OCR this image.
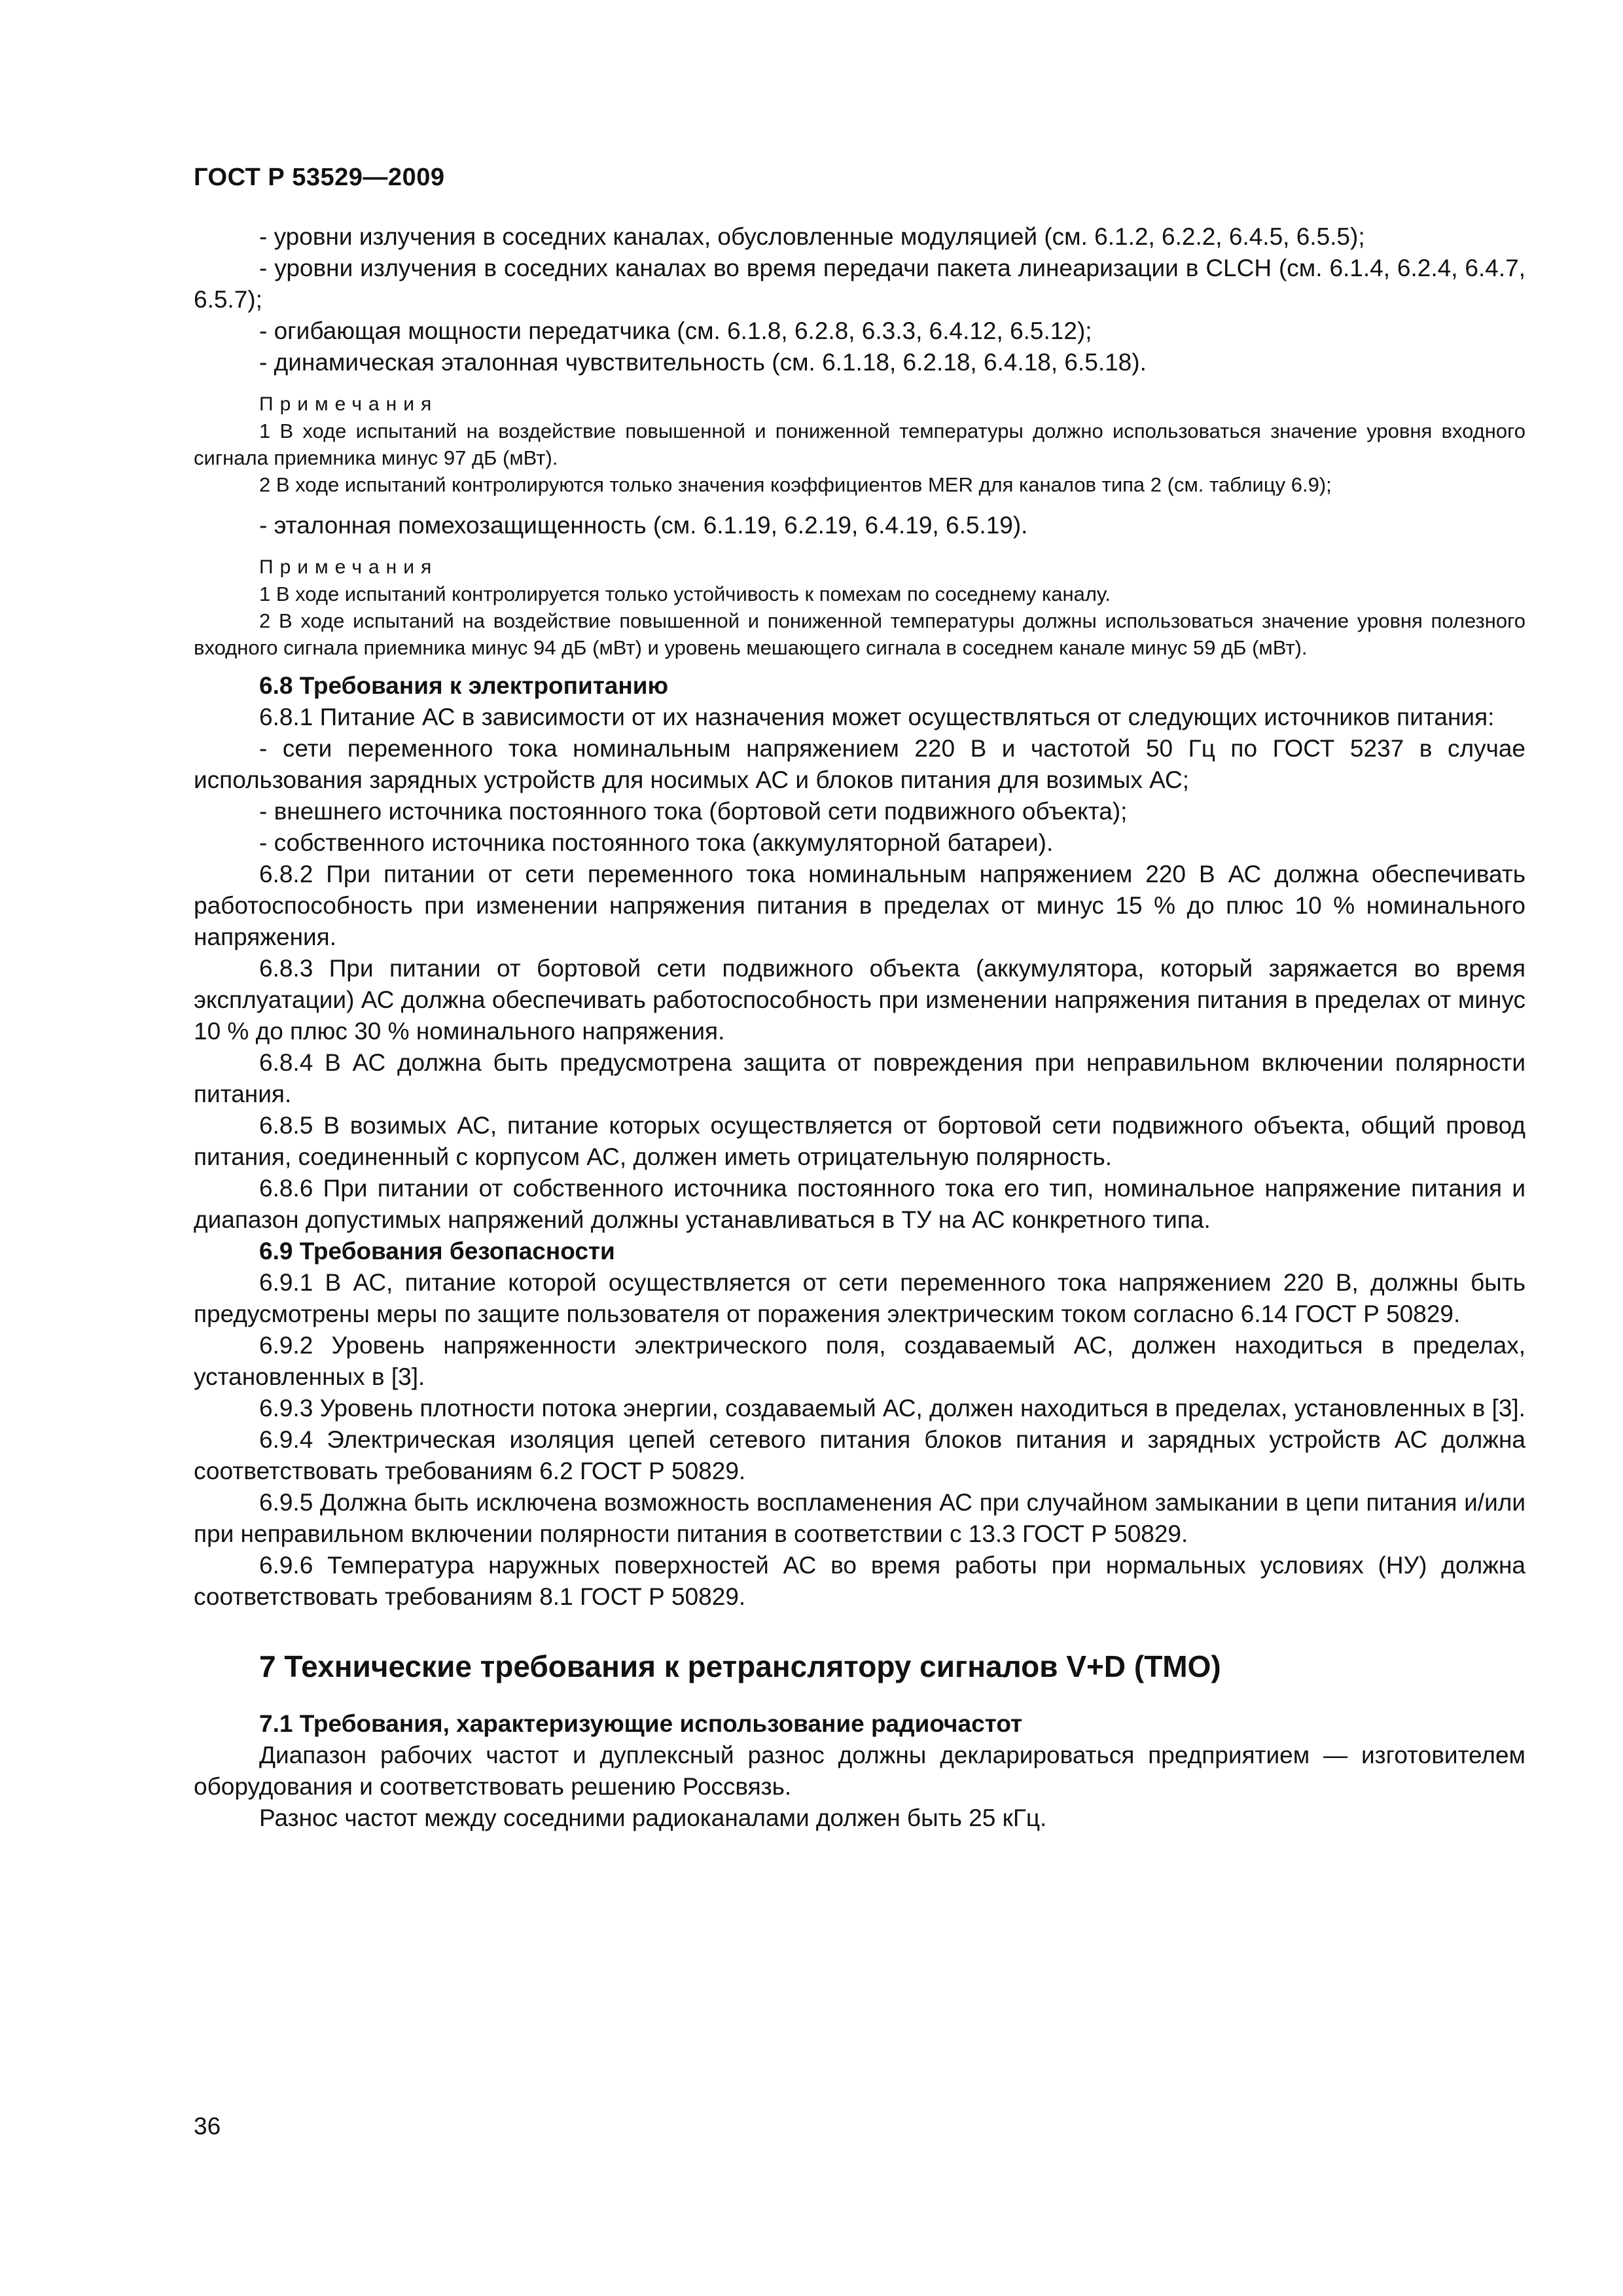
ГОСТ Р 53529—2009
- уровни излучения в соседних каналах, обусловленные модуляцией (см. 6.1.2, 6.2.2, 6.4.5, 6.5.5);
- уровни излучения в соседних каналах во время передачи пакета линеаризации в CLCH (см. 6.1.4, 6.2.4, 6.4.7, 6.5.7);
- огибающая мощности передатчика (см. 6.1.8, 6.2.8, 6.3.3, 6.4.12, 6.5.12);
- динамическая эталонная чувствительность (см. 6.1.18, 6.2.18, 6.4.18, 6.5.18).
Примечания
1 В ходе испытаний на воздействие повышенной и пониженной температуры должно использоваться значение уровня входного сигнала приемника минус 97 дБ (мВт).
2 В ходе испытаний контролируются только значения коэффициентов MER для каналов типа 2 (см. таблицу 6.9);
- эталонная помехозащищенность (см. 6.1.19, 6.2.19, 6.4.19, 6.5.19).
Примечания
1 В ходе испытаний контролируется только устойчивость к помехам по соседнему каналу.
2 В ходе испытаний на воздействие повышенной и пониженной температуры должны использоваться значение уровня полезного входного сигнала приемника минус 94 дБ (мВт) и уровень мешающего сигнала в соседнем канале минус 59 дБ (мВт).
6.8 Требования к электропитанию
6.8.1 Питание АС в зависимости от их назначения может осуществляться от следующих источников питания:
- сети переменного тока номинальным напряжением 220 В и частотой 50 Гц по ГОСТ 5237 в случае использования зарядных устройств для носимых АС и блоков питания для возимых АС;
- внешнего источника постоянного тока (бортовой сети подвижного объекта);
- собственного источника постоянного тока (аккумуляторной батареи).
6.8.2 При питании от сети переменного тока номинальным напряжением 220 В АС должна обеспечивать работоспособность при изменении напряжения питания в пределах от минус 15 % до плюс 10 % номинального напряжения.
6.8.3 При питании от бортовой сети подвижного объекта (аккумулятора, который заряжается во время эксплуатации) АС должна обеспечивать работоспособность при изменении напряжения питания в пределах от минус 10 % до плюс 30 % номинального напряжения.
6.8.4 В АС должна быть предусмотрена защита от повреждения при неправильном включении полярности питания.
6.8.5 В возимых АС, питание которых осуществляется от бортовой сети подвижного объекта, общий провод питания, соединенный с корпусом АС, должен иметь отрицательную полярность.
6.8.6 При питании от собственного источника постоянного тока его тип, номинальное напряжение питания и диапазон допустимых напряжений должны устанавливаться в ТУ на АС конкретного типа.
6.9 Требования безопасности
6.9.1 В АС, питание которой осуществляется от сети переменного тока напряжением 220 В, должны быть предусмотрены меры по защите пользователя от поражения электрическим током согласно 6.14 ГОСТ Р 50829.
6.9.2 Уровень напряженности электрического поля, создаваемый АС, должен находиться в пределах, установленных в [3].
6.9.3 Уровень плотности потока энергии, создаваемый АС, должен находиться в пределах, установленных в [3].
6.9.4 Электрическая изоляция цепей сетевого питания блоков питания и зарядных устройств АС должна соответствовать требованиям 6.2 ГОСТ Р 50829.
6.9.5 Должна быть исключена возможность воспламенения АС при случайном замыкании в цепи питания и/или при неправильном включении полярности питания в соответствии с 13.3 ГОСТ Р 50829.
6.9.6 Температура наружных поверхностей АС во время работы при нормальных условиях (НУ) должна соответствовать требованиям 8.1 ГОСТ Р 50829.
7 Технические требования к ретранслятору сигналов V+D (ТМО)
7.1 Требования, характеризующие использование радиочастот
Диапазон рабочих частот и дуплексный разнос должны декларироваться предприятием — изготовителем оборудования и соответствовать решению Россвязь.
Разнос частот между соседними радиоканалами должен быть 25 кГц.
36
